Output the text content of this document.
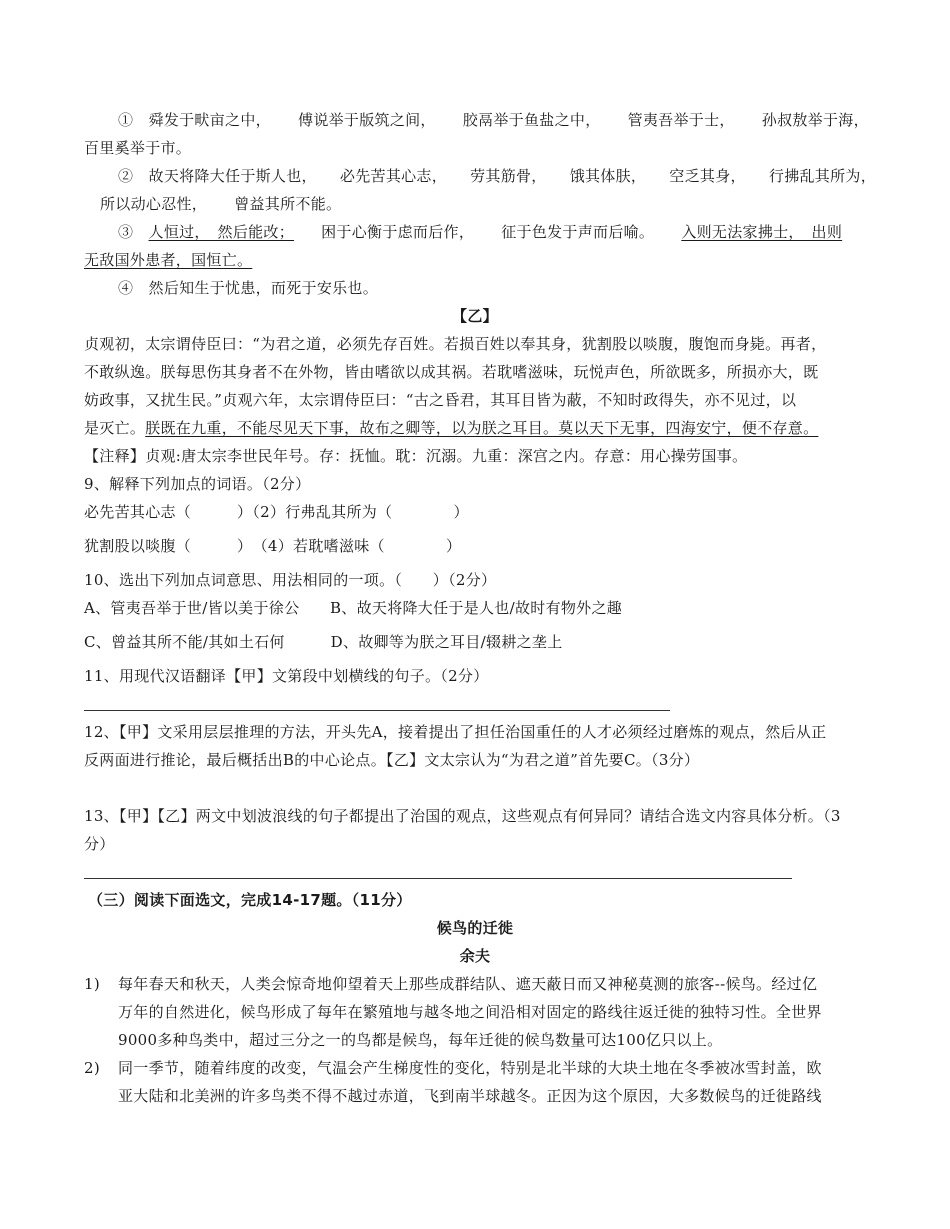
① 舜发于畎亩之中， 傅说举于版筑之间， 胶鬲举于鱼盐之中， 管夷吾举于士， 孙叔敖举于海，
百里奚举于市。
② 故天将降大任于斯人也， 必先苦其心志， 劳其筋骨， 饿其体肤， 空乏其身， 行拂乱其所为，
所以动心忍性， 曾益其所不能。
③ 人恒过，　然后能改； 困于心衡于虑而后作， 征于色发于声而后喻。 入则无法家拂士，　出则
无敌国外患者，国恒亡。
④ 然后知生于忧患，而死于安乐也。
【乙】
贞观初，太宗谓侍臣曰：“为君之道，必须先存百姓。若损百姓以奉其身，犹割股以啖腹，腹饱而身毙。再者，
不敢纵逸。朕每思伤其身者不在外物，皆由嗜欲以成其祸。若耽嗜滋味，玩悦声色，所欲既多，所损亦大，既
妨政事，又扰生民。”贞观六年，太宗谓侍臣曰：“古之昏君，其耳目皆为蔽，不知时政得失，亦不见过，以
是灭亡。朕既在九重，不能尽见天下事，故布之卿等，以为朕之耳目。莫以天下无事，四海安宁，便不存意。
【注释】贞观:唐太宗李世民年号。存：抚恤。耽：沉溺。九重：深宫之内。存意：用心操劳国事。
9、解释下列加点的词语。（2分）
必先苦其心志（　　　）（2）行弗乱其所为（　　　　）
犹割股以啖腹（　　　）　（4）若耽嗜滋味（　　　　）
10、选出下列加点词意思、用法相同的一项。（　　）（2分）
A、管夷吾举于世/皆以美于徐公　　B、故天将降大任于是人也/故时有物外之趣
C、曾益其所不能/其如土石何　　　D、故卿等为朕之耳目/辍耕之垄上
11、用现代汉语翻译【甲】文第段中划横线的句子。（2分）
12、【甲】文采用层层推理的方法，开头先A，接着提出了担任治国重任的人才必须经过磨炼的观点，然后从正
反两面进行推论，最后概括出B的中心论点。【乙】文太宗认为“为君之道”首先要C。（3分）
13、【甲】【乙】两文中划波浪线的句子都提出了治国的观点，这些观点有何异同？请结合选文内容具体分析。（3
分）
（三）阅读下面选文，完成14-17题。（11分）
候鸟的迁徙
余夫
1) 每年春天和秋天，人类会惊奇地仰望着天上那些成群结队、遮天蔽日而又神秘莫测的旅客--候鸟。经过亿
万年的自然进化，候鸟形成了每年在繁殖地与越冬地之间沿相对固定的路线往返迁徙的独特习性。全世界
9000多种鸟类中，超过三分之一的鸟都是候鸟，每年迁徙的候鸟数量可达100亿只以上。
2) 同一季节，随着纬度的改变，气温会产生梯度性的变化，特别是北半球的大块土地在冬季被冰雪封盖，欧
亚大陆和北美洲的许多鸟类不得不越过赤道，飞到南半球越冬。正因为这个原因，大多数候鸟的迁徙路线
